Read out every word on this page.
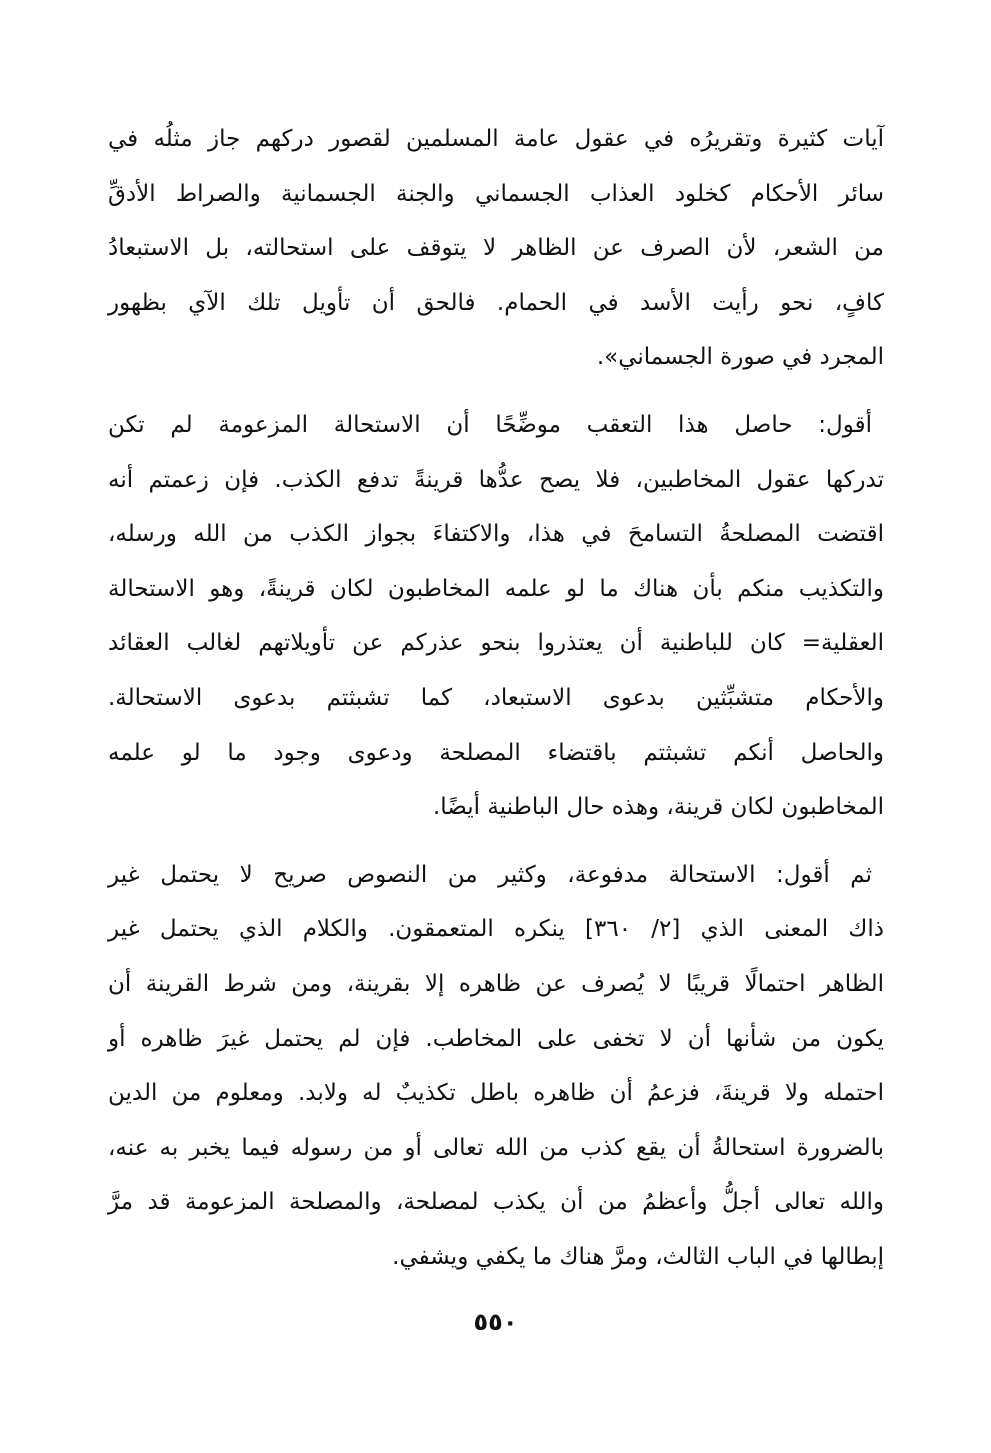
آيات كثيرة وتقريرُه في عقول عامة المسلمين لقصور دركهم جاز مثلُه في
سائر الأحكام كخلود العذاب الجسماني والجنة الجسمانية والصراط الأدقِّ
من الشعر، لأن الصرف عن الظاهر لا يتوقف على استحالته، بل الاستبعادُ
كافٍ، نحو رأيت الأسد في الحمام. فالحق أن تأويل تلك الآي بظهور
المجرد في صورة الجسماني».

أقول: حاصل هذا التعقب موضِّحًا أن الاستحالة المزعومة لم تكن
تدركها عقول المخاطبين، فلا يصح عدُّها قرينةً تدفع الكذب. فإن زعمتم أنه
اقتضت المصلحةُ التسامحَ في هذا، والاكتفاءَ بجواز الكذب من الله ورسله،
والتكذيب منكم بأن هناك ما لو علمه المخاطبون لكان قرينةً، وهو الاستحالة
العقلية= كان للباطنية أن يعتذروا بنحو عذركم عن تأويلاتهم لغالب العقائد
والأحكام متشبِّثين بدعوى الاستبعاد، كما تشبثتم بدعوى الاستحالة.
والحاصل أنكم تشبثتم باقتضاء المصلحة ودعوى وجود ما لو علمه
المخاطبون لكان قرينة، وهذه حال الباطنية أيضًا.

ثم أقول: الاستحالة مدفوعة، وكثير من النصوص صريح لا يحتمل غير
ذاك المعنى الذي [٢/ ٣٦٠] ينكره المتعمقون. والكلام الذي يحتمل غير
الظاهر احتمالًا قريبًا لا يُصرف عن ظاهره إلا بقرينة، ومن شرط القرينة أن
يكون من شأنها أن لا تخفى على المخاطب. فإن لم يحتمل غيرَ ظاهره أو
احتمله ولا قرينةَ، فزعمُ أن ظاهره باطل تكذيبٌ له ولابد. ومعلوم من الدين
بالضرورة استحالةُ أن يقع كذب من الله تعالى أو من رسوله فيما يخبر به عنه،
والله تعالى أجلُّ وأعظمُ من أن يكذب لمصلحة، والمصلحة المزعومة قد مرَّ
إبطالها في الباب الثالث، ومرَّ هناك ما يكفي ويشفي.

٥٥٠
